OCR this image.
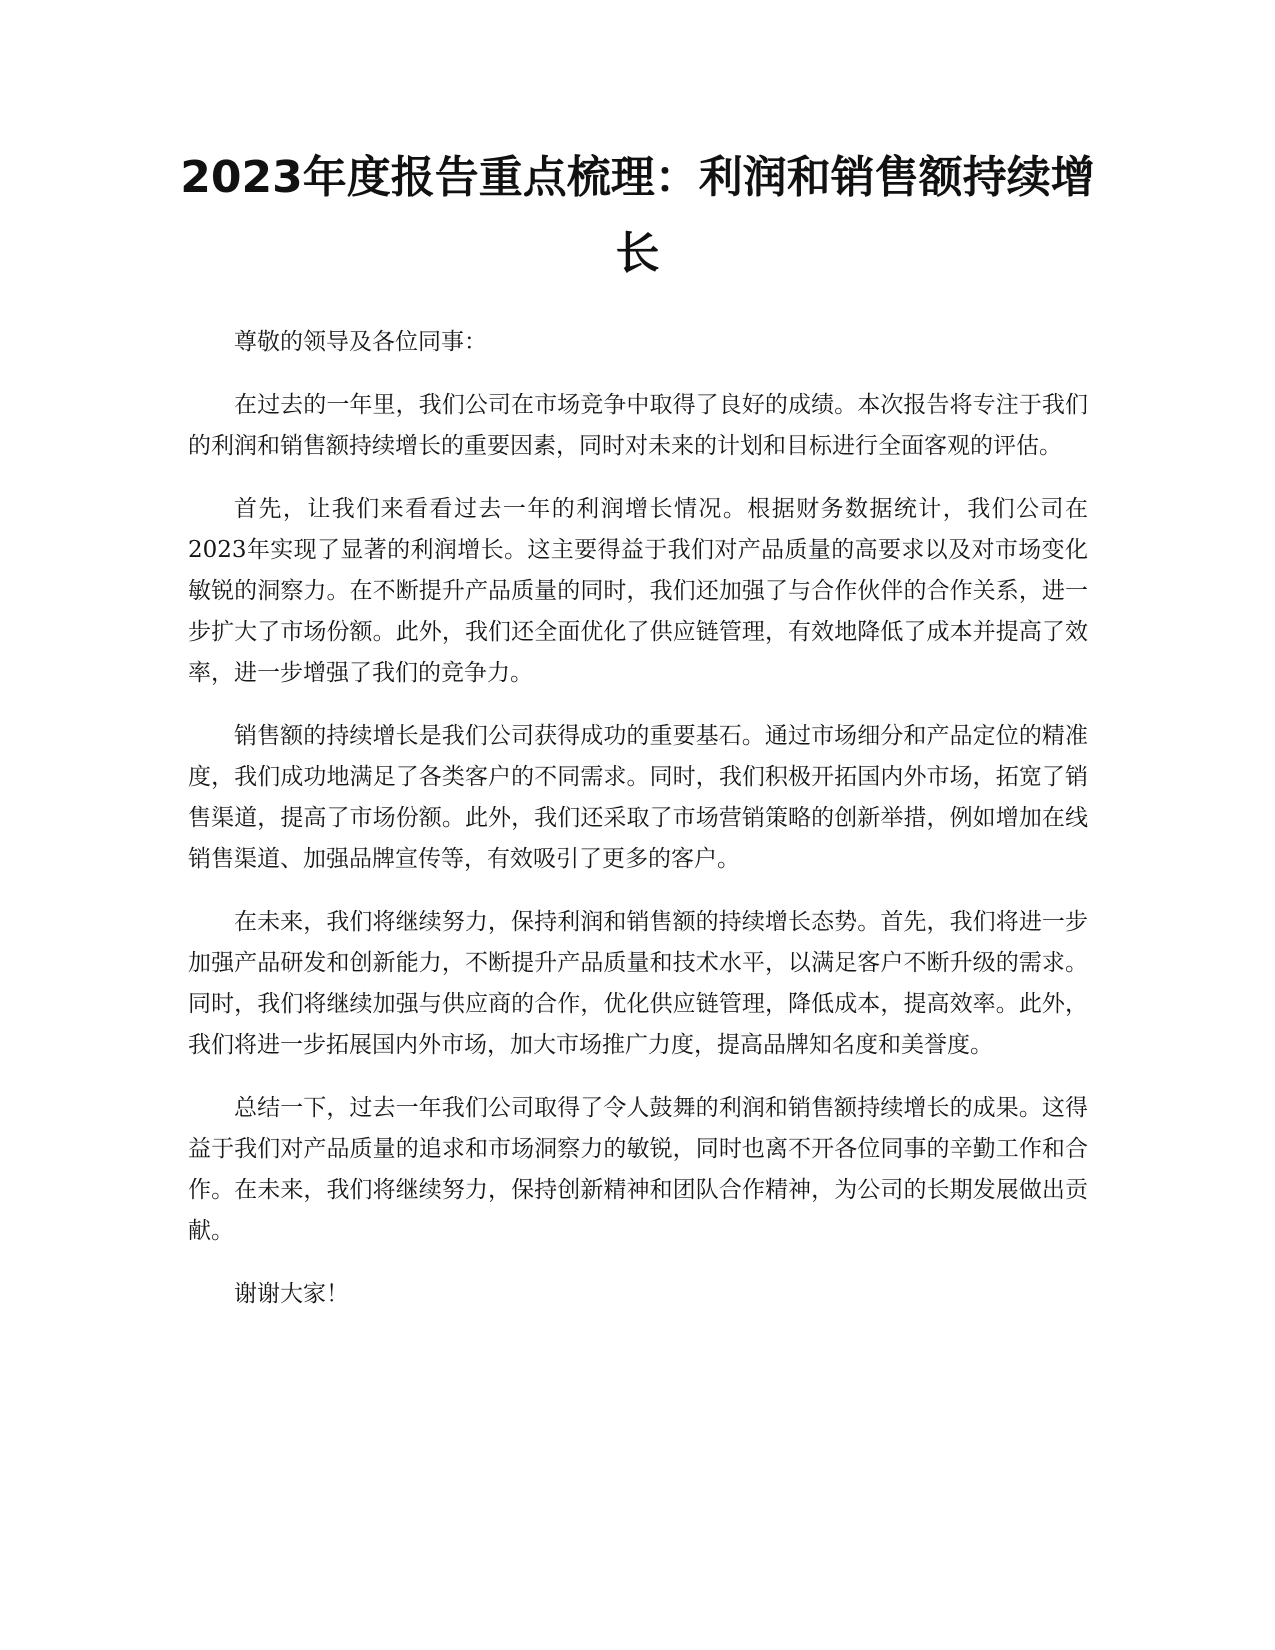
2023年度报告重点梳理：利润和销售额持续增长

尊敬的领导及各位同事：

在过去的一年里，我们公司在市场竞争中取得了良好的成绩。本次报告将专注于我们的利润和销售额持续增长的重要因素，同时对未来的计划和目标进行全面客观的评估。

首先，让我们来看看过去一年的利润增长情况。根据财务数据统计，我们公司在2023年实现了显著的利润增长。这主要得益于我们对产品质量的高要求以及对市场变化敏锐的洞察力。在不断提升产品质量的同时，我们还加强了与合作伙伴的合作关系，进一步扩大了市场份额。此外，我们还全面优化了供应链管理，有效地降低了成本并提高了效率，进一步增强了我们的竞争力。

销售额的持续增长是我们公司获得成功的重要基石。通过市场细分和产品定位的精准度，我们成功地满足了各类客户的不同需求。同时，我们积极开拓国内外市场，拓宽了销售渠道，提高了市场份额。此外，我们还采取了市场营销策略的创新举措，例如增加在线销售渠道、加强品牌宣传等，有效吸引了更多的客户。

在未来，我们将继续努力，保持利润和销售额的持续增长态势。首先，我们将进一步加强产品研发和创新能力，不断提升产品质量和技术水平，以满足客户不断升级的需求。同时，我们将继续加强与供应商的合作，优化供应链管理，降低成本，提高效率。此外，我们将进一步拓展国内外市场，加大市场推广力度，提高品牌知名度和美誉度。

总结一下，过去一年我们公司取得了令人鼓舞的利润和销售额持续增长的成果。这得益于我们对产品质量的追求和市场洞察力的敏锐，同时也离不开各位同事的辛勤工作和合作。在未来，我们将继续努力，保持创新精神和团队合作精神，为公司的长期发展做出贡献。

谢谢大家！
